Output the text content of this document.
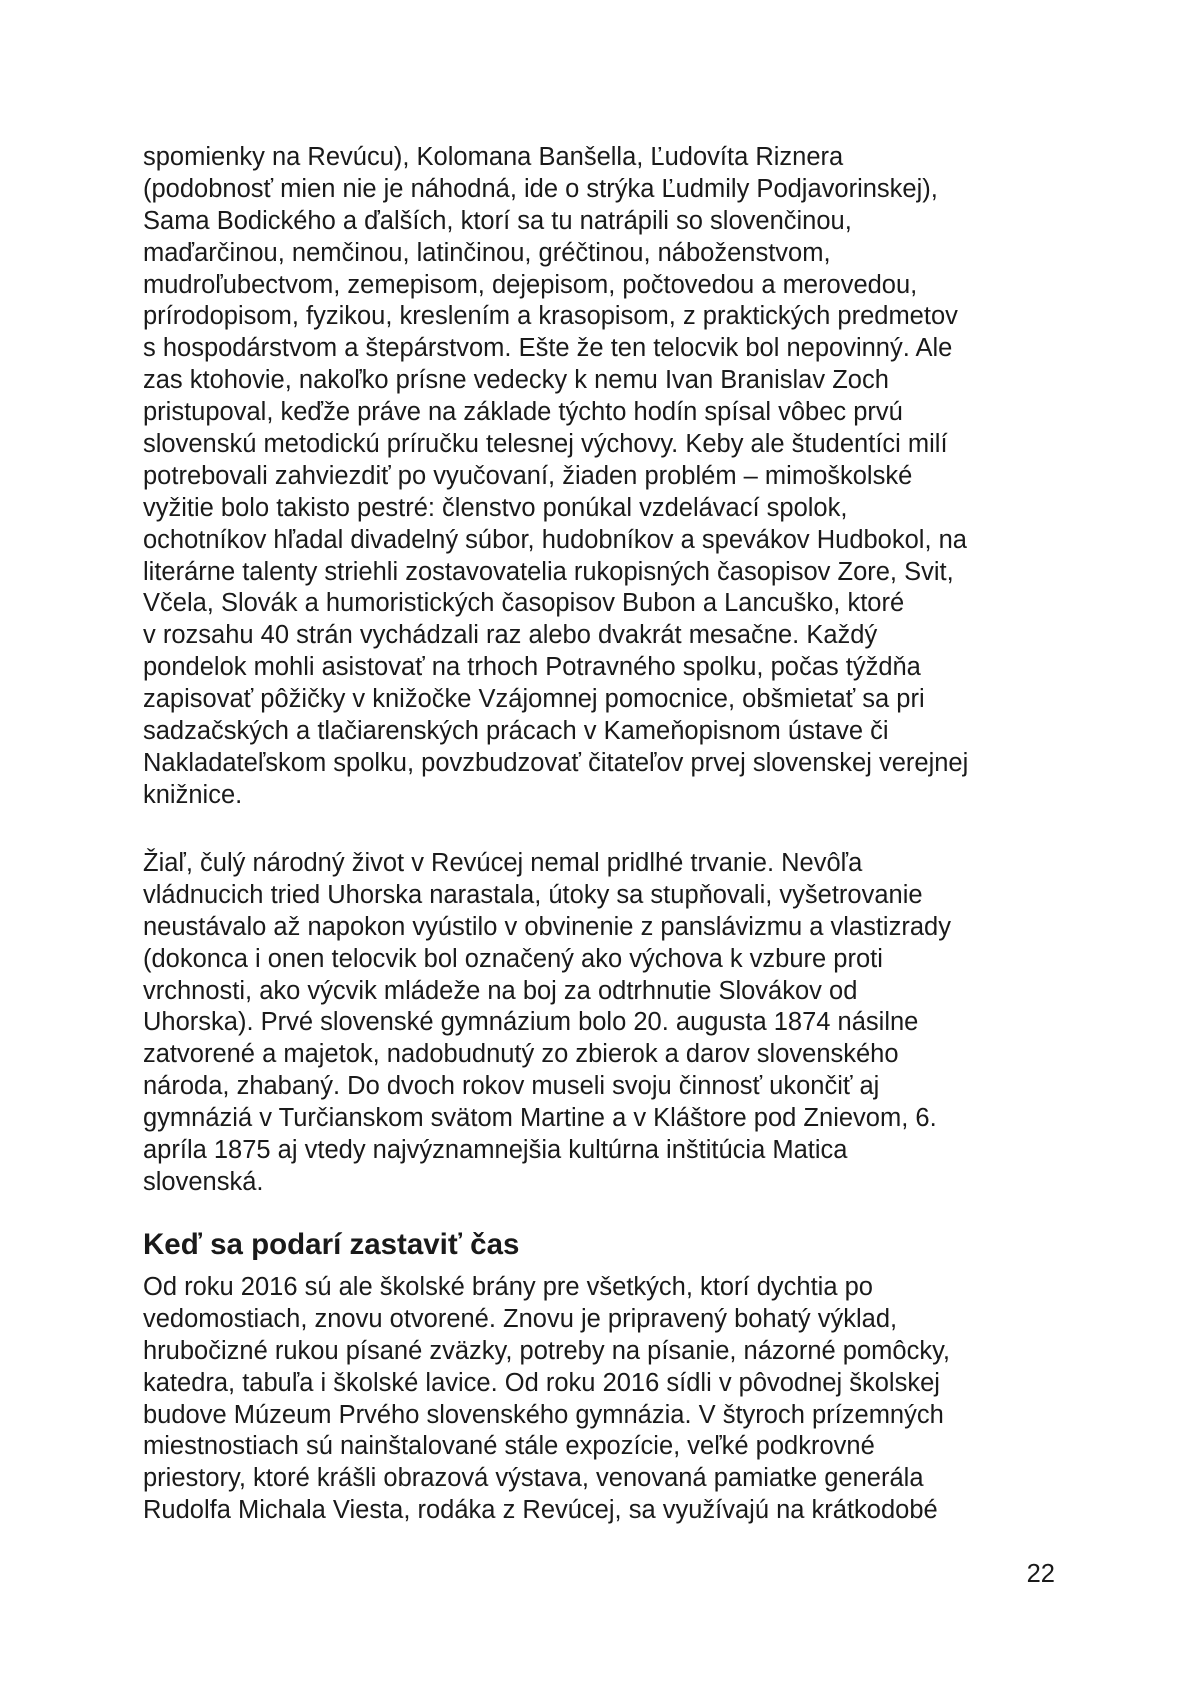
spomienky na Revúcu), Kolomana Banšella, Ľudovíta Riznera
(podobnosť mien nie je náhodná, ide o strýka Ľudmily Podjavorinskej),
Sama Bodického a ďalších, ktorí sa tu natrápili so slovenčinou,
maďarčinou, nemčinou, latinčinou, gréčtinou, náboženstvom,
mudroľubectvom, zemepisom, dejepisom, počtovedou a merovedou,
prírodopisom, fyzikou, kreslením a krasopisom, z praktických predmetov
s hospodárstvom a štepárstvom. Ešte že ten telocvik bol nepovinný. Ale
zas ktohovie, nakoľko prísne vedecky k nemu Ivan Branislav Zoch
pristupoval, keďže práve na základe týchto hodín spísal vôbec prvú
slovenskú metodickú príručku telesnej výchovy. Keby ale študentíci milí
potrebovali zahviezdiť po vyučovaní, žiaden problém – mimoškolské
vyžitie bolo takisto pestré: členstvo ponúkal vzdelávací spolok,
ochotníkov hľadal divadelný súbor, hudobníkov a spevákov Hudbokol, na
literárne talenty striehli zostavovatelia rukopisných časopisov Zore, Svit,
Včela, Slovák a humoristických časopisov Bubon a Lancuško, ktoré
v rozsahu 40 strán vychádzali raz alebo dvakrát mesačne. Každý
pondelok mohli asistovať na trhoch Potravného spolku, počas týždňa
zapisovať pôžičky v knižočke Vzájomnej pomocnice, obšmietať sa pri
sadzačských a tlačiarenských prácach v Kameňopisnom ústave či
Nakladateľskom spolku, povzbudzovať čitateľov prvej slovenskej verejnej
knižnice.
Žiaľ, čulý národný život v Revúcej nemal pridlhé trvanie. Nevôľa
vládnucich tried Uhorska narastala, útoky sa stupňovali, vyšetrovanie
neustávalo až napokon vyústilo v obvinenie z panslávizmu a vlastizrady
(dokonca i onen telocvik bol označený ako výchova k vzbure proti
vrchnosti, ako výcvik mládeže na boj za odtrhnutie Slovákov od
Uhorska). Prvé slovenské gymnázium bolo 20. augusta 1874 násilne
zatvorené a majetok, nadobudnutý zo zbierok a darov slovenského
národa, zhabaný. Do dvoch rokov museli svoju činnosť ukončiť aj
gymnáziá v Turčianskom svätom Martine a v Kláštore pod Znievom, 6.
apríla 1875 aj vtedy najvýznamnejšia kultúrna inštitúcia Matica
slovenská.
Keď sa podarí zastaviť čas
Od roku 2016 sú ale školské brány pre všetkých, ktorí dychtia po
vedomostiach, znovu otvorené. Znovu je pripravený bohatý výklad,
hrubočizné rukou písané zväzky, potreby na písanie, názorné pomôcky,
katedra, tabuľa i školské lavice. Od roku 2016 sídli v pôvodnej školskej
budove Múzeum Prvého slovenského gymnázia. V štyroch prízemných
miestnostiach sú nainštalované stále expozície, veľké podkrovné
priestory, ktoré krášli obrazová výstava, venovaná pamiatke generála
Rudolfa Michala Viesta, rodáka z Revúcej, sa využívajú na krátkodobé
22
